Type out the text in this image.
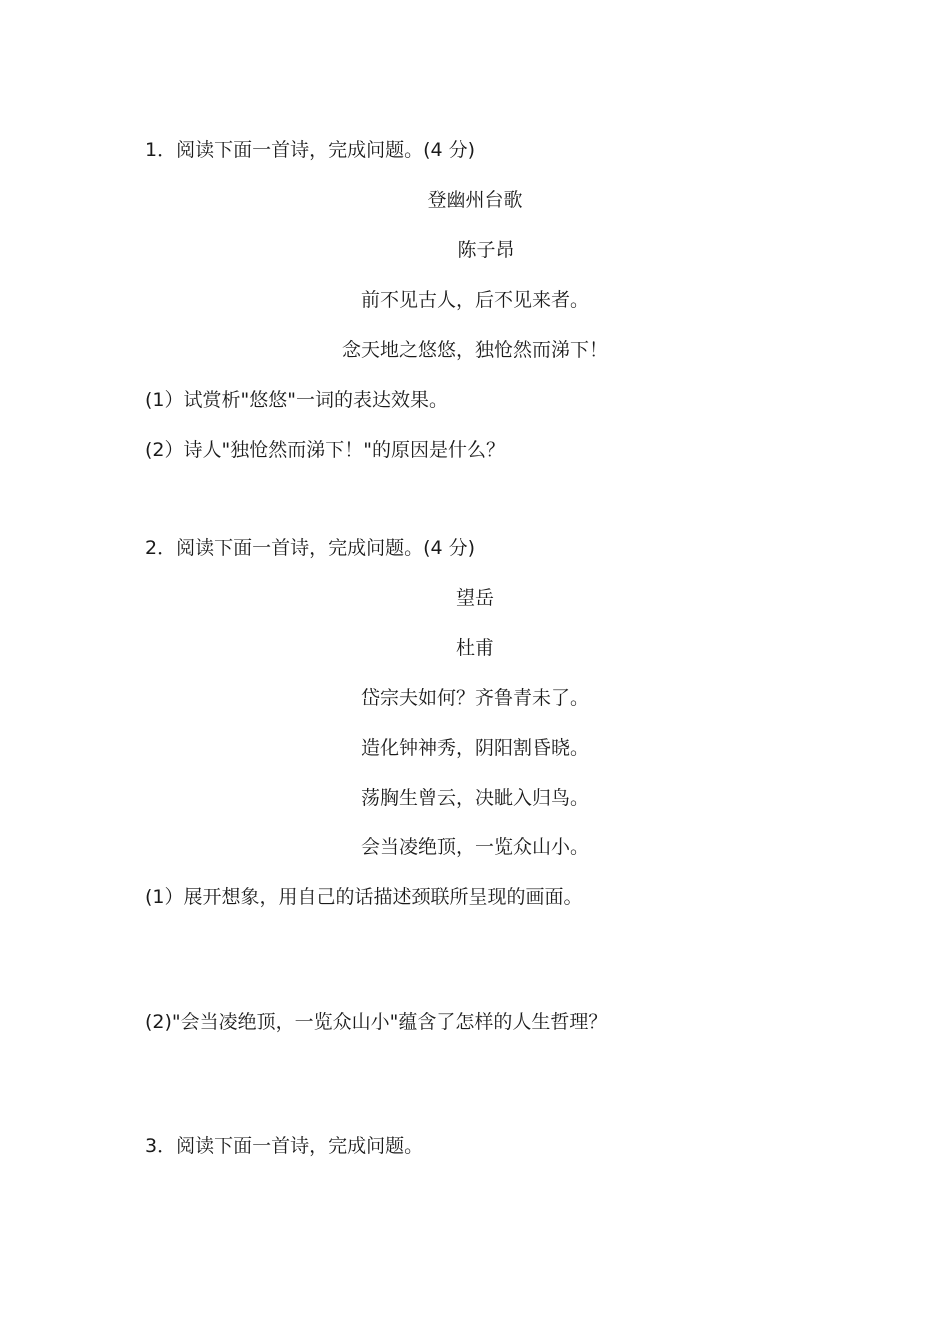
1．阅读下面一首诗，完成问题。(4 分)
登幽州台歌
陈子昂
前不见古人，后不见来者。
念天地之悠悠，独怆然而涕下！
(1）试赏析"悠悠"一词的表达效果。
(2）诗人"独怆然而涕下！"的原因是什么？
2．阅读下面一首诗，完成问题。(4 分)
望岳
杜甫
岱宗夫如何？齐鲁青未了。
造化钟神秀，阴阳割昏晓。
荡胸生曾云，决眦入归鸟。
会当凌绝顶，一览众山小。
(1）展开想象，用自己的话描述颈联所呈现的画面。
(2)"会当凌绝顶，一览众山小"蕴含了怎样的人生哲理？
3．阅读下面一首诗，完成问题。
